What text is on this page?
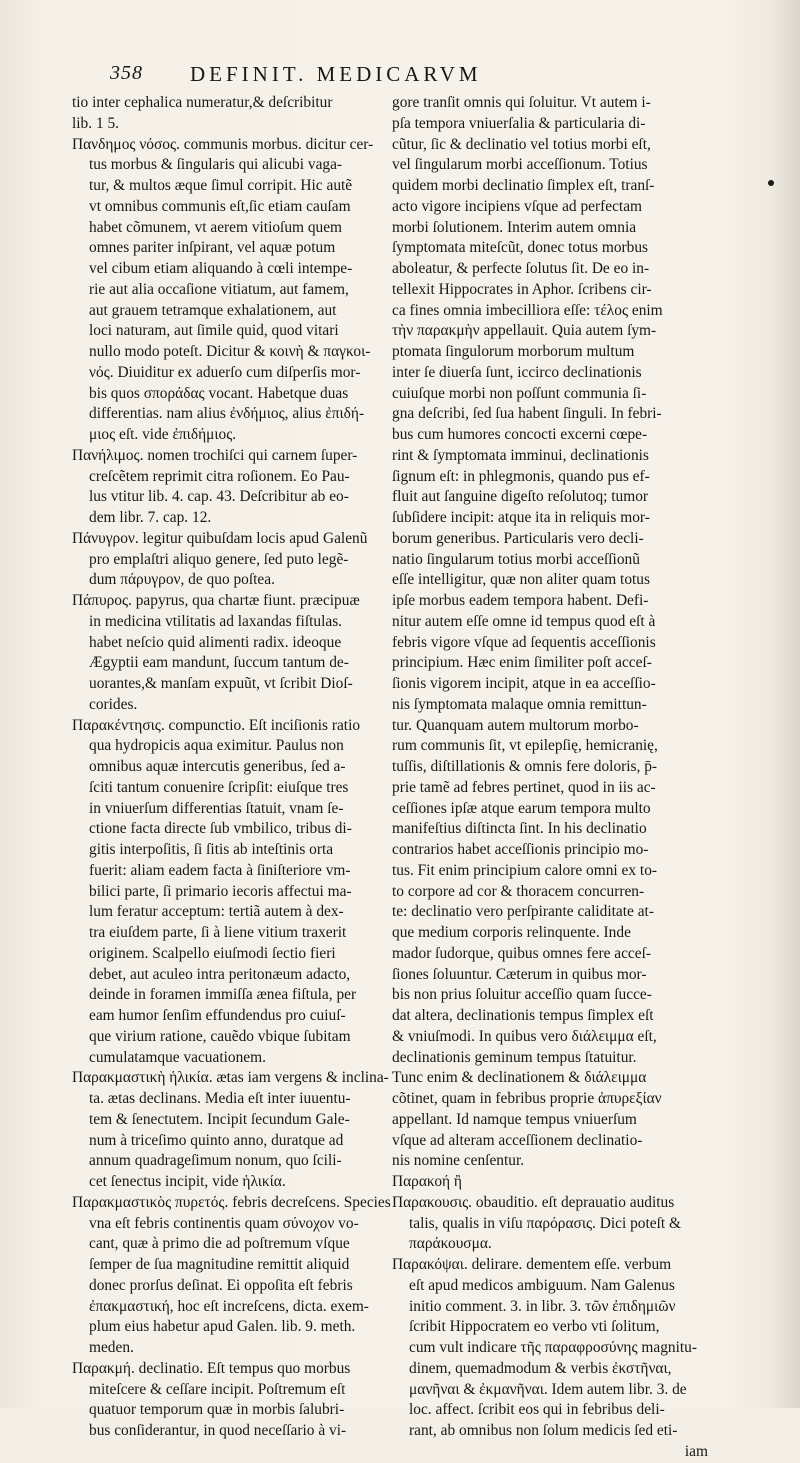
358 DEFINIT. MEDICARVM
tio inter cephalica numeratur,& deſcribitur
lib. 1 5.
Πανδημος νόσος. communis morbus. dicitur cer-
tus morbus & ſingularis qui alicubi vaga-
tur, & multos æque ſimul corripit. Hic autẽ
vt omnibus communis eſt,ſic etiam cauſam
habet cõmunem, vt aerem vitioſum quem
omnes pariter inſpirant, vel aquæ potum
vel cibum etiam aliquando à cœli intempe-
rie aut alia occaſione vitiatum, aut famem,
aut grauem tetramque exhalationem, aut
loci naturam, aut ſimile quid, quod vitari
nullo modo poteſt. Dicitur & κοινὴ & παγκοι-
νός. Diuiditur ex aduerſo cum diſperſis mor-
bis quos σποράδας vocant. Habetque duas
differentias. nam alius ἐνδήμιος, alius ἐπιδή-
μιος eſt. vide ἐπιδήμιος.
Πανήλιμος. nomen trochiſci qui carnem ſuper-
creſcẽtem reprimit citra roſionem. Eo Pau-
lus vtitur lib. 4. cap. 43. Deſcribitur ab eo-
dem libr. 7. cap. 12.
Πάνυγρον. legitur quibuſdam locis apud Galenũ
pro emplaſtri aliquo genere, ſed puto legẽ-
dum πάρυγρον, de quo poſtea.
Πάπυρος. papyrus, qua chartæ fiunt. præcipuæ
in medicina vtilitatis ad laxandas fiſtulas.
habet neſcio quid alimenti radix. ideoque
Ægyptii eam mandunt, ſuccum tantum de-
uorantes,& manſam expuũt, vt ſcribit Dioſ-
corides.
Παρακέντησις. compunctio. Eſt inciſionis ratio
qua hydropicis aqua eximitur. Paulus non
omnibus aquæ intercutis generibus, ſed a-
ſciti tantum conuenire ſcripſit: eiuſque tres
in vniuerſum differentias ſtatuit, vnam ſe-
ctione facta directe ſub vmbilico, tribus di-
gitis interpoſitis, ſi ſitis ab inteſtinis orta
fuerit: aliam eadem facta à ſiniſteriore vm-
bilici parte, ſi primario iecoris affectui ma-
lum feratur acceptum: tertiã autem à dex-
tra eiuſdem parte, ſi à liene vitium traxerit
originem. Scalpello eiuſmodi ſectio fieri
debet, aut aculeo intra peritonæum adacto,
deinde in foramen immiſſa ænea fiſtula, per
eam humor ſenſim effundendus pro cuiuſ-
que virium ratione, cauẽdo vbique ſubitam
cumulatamque vacuationem.
Παρακμαστικὴ ἡλικία. ætas iam vergens & inclina-
ta. ætas declinans. Media eſt inter iuuentu-
tem & ſenectutem. Incipit ſecundum Gale-
num à triceſimo quinto anno, duratque ad
annum quadrageſimum nonum, quo ſcili-
cet ſenectus incipit, vide ἡλικία.
Παρακμαστικὸς πυρετός. febris decreſcens. Species
vna eſt febris continentis quam σύνοχον vo-
cant, quæ à primo die ad poſtremum vſque
ſemper de ſua magnitudine remittit aliquid
donec prorſus deſinat. Ei oppoſita eſt febris
ἐπακμαστική, hoc eſt increſcens, dicta. exem-
plum eius habetur apud Galen. lib. 9. meth.
meden.
Παρακμή. declinatio. Eſt tempus quo morbus
miteſcere & ceſſare incipit. Poſtremum eſt
quatuor temporum quæ in morbis ſalubri-
bus conſiderantur, in quod neceſſario à vi-
gore tranſit omnis qui ſoluitur. Vt autem i-
pſa tempora vniuerſalia & particularia di-
cũtur, ſic & declinatio vel totius morbi eſt,
vel ſingularum morbi acceſſionum. Totius
quidem morbi declinatio ſimplex eſt, tranſ-
acto vigore incipiens vſque ad perfectam
morbi ſolutionem. Interim autem omnia
ſymptomata miteſcũt, donec totus morbus
aboleatur, & perfecte ſolutus ſit. De eo in-
tellexit Hippocrates in Aphor. ſcribens cir-
ca fines omnia imbecilliora eſſe: τέλος enim
τὴν παρακμὴν appellauit. Quia autem ſym-
ptomata ſingulorum morborum multum
inter ſe diuerſa ſunt, iccirco declinationis
cuiuſque morbi non poſſunt communia ſi-
gna deſcribi, ſed ſua habent ſinguli. In febri-
bus cum humores concocti excerni cœpe-
rint & ſymptomata imminui, declinationis
ſignum eſt: in phlegmonis, quando pus ef-
fluit aut ſanguine digeſto reſolutoq; tumor
ſubſidere incipit: atque ita in reliquis mor-
borum generibus. Particularis vero decli-
natio ſingularum totius morbi acceſſionũ
eſſe intelligitur, quæ non aliter quam totus
ipſe morbus eadem tempora habent. Defi-
nitur autem eſſe omne id tempus quod eſt à
febris vigore vſque ad ſequentis acceſſionis
principium. Hæc enim ſimiliter poſt acceſ-
ſionis vigorem incipit, atque in ea acceſſio-
nis ſymptomata malaque omnia remittun-
tur. Quanquam autem multorum morbo-
rum communis ſit, vt epilepſię, hemicranię,
tuſſis, diſtillationis & omnis fere doloris, p̄-
prie tamẽ ad febres pertinet, quod in iis ac-
ceſſiones ipſæ atque earum tempora multo
manifeſtius diſtincta ſint. In his declinatio
contrarios habet acceſſionis principio mo-
tus. Fit enim principium calore omni ex to-
to corpore ad cor & thoracem concurren-
te: declinatio vero perſpirante caliditate at-
que medium corporis relinquente. Inde
mador ſudorque, quibus omnes fere acceſ-
ſiones ſoluuntur. Cæterum in quibus mor-
bis non prius ſoluitur acceſſio quam ſucce-
dat altera, declinationis tempus ſimplex eſt
& vniuſmodi. In quibus vero διάλειμμα eſt,
declinationis geminum tempus ſtatuitur.
Tunc enim & declinationem & διάλειμμα
cõtinet, quam in febribus proprie ἀπυρεξίαν
appellant. Id namque tempus vniuerſum
vſque ad alteram acceſſionem declinatio-
nis nomine cenſentur.
Παρακοή ἢ
Παρακουσις. obauditio. eſt deprauatio auditus
talis, qualis in viſu παρόρασις. Dici poteſt &
παράκουσμα.
Παρακόψαι. delirare. dementem eſſe. verbum
eſt apud medicos ambiguum. Nam Galenus
initio comment. 3. in libr. 3. τῶν ἐπιδημιῶν
ſcribit Hippocratem eo verbo vti ſolitum,
cum vult indicare τῆς παραφροσύνης magnitu-
dinem, quemadmodum & verbis ἐκστῆναι,
μανῆναι & ἐκμανῆναι. Idem autem libr. 3. de
loc. affect. ſcribit eos qui in febribus deli-
rant, ab omnibus non ſolum medicis ſed eti-
iam
